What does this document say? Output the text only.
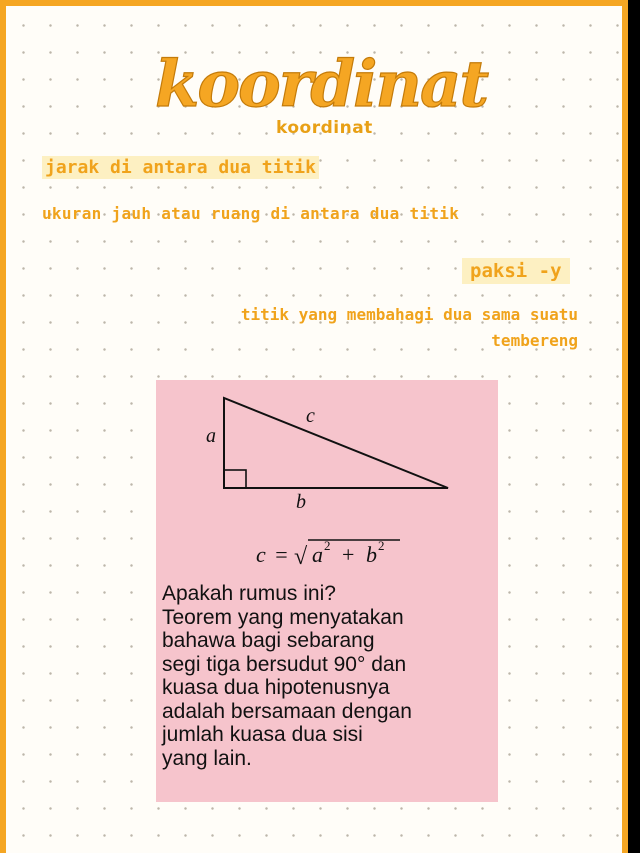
koordinat
koordinat
jarak di antara dua titik
ukuran jauh atau ruang di antara dua titik
paksi -y
titik yang membahagi dua sama suatu
tembereng
a
c
b
c = √ a 2 + b 2
Apakah rumus ini?
Teorem yang menyatakan
bahawa bagi sebarang
segi tiga bersudut 90° dan
kuasa dua hipotenusnya
adalah bersamaan dengan
jumlah kuasa dua sisi
yang lain.
